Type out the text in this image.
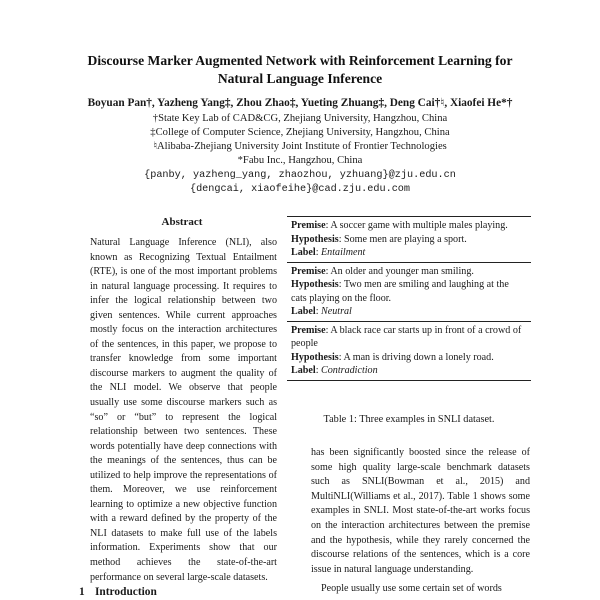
Discourse Marker Augmented Network with Reinforcement Learning for
Natural Language Inference
Boyuan Pan†, Yazheng Yang‡, Zhou Zhao‡, Yueting Zhuang‡, Deng Cai†♮, Xiaofei He*†
†State Key Lab of CAD&CG, Zhejiang University, Hangzhou, China
‡College of Computer Science, Zhejiang University, Hangzhou, China
♮Alibaba-Zhejiang University Joint Institute of Frontier Technologies
*Fabu Inc., Hangzhou, China
{panby, yazheng_yang, zhaozhou, yzhuang}@zju.edu.cn
{dengcai, xiaofeihe}@cad.zju.edu.com
Abstract

Natural Language Inference (NLI), also known as Recognizing Textual Entailment (RTE), is one of the most important problems in natural language processing. It requires to infer the logical relationship between two given sentences. While current approaches mostly focus on the interaction architectures of the sentences, in this paper, we propose to transfer knowledge from some important discourse markers to augment the quality of the NLI model. We observe that people usually use some discourse markers such as “so” or “but” to represent the logical relationship between two sentences. These words potentially have deep connections with the meanings of the sentences, thus can be utilized to help improve the representations of them. Moreover, we use reinforcement learning to optimize a new objective function with a reward defined by the property of the NLI datasets to make full use of the labels information. Experiments show that our method achieves the state-of-the-art performance on several large-scale datasets.

1 Introduction
Premise: A soccer game with multiple males playing.
Hypothesis: Some men are playing a sport.
Label: Entailment
Premise: An older and younger man smiling.
Hypothesis: Two men are smiling and laughing at the cats playing on the floor.
Label: Neutral
Premise: A black race car starts up in front of a crowd of people
Hypothesis: A man is driving down a lonely road.
Label: Contradiction
Table 1: Three examples in SNLI dataset.

has been significantly boosted since the release of some high quality large-scale benchmark datasets such as SNLI(Bowman et al., 2015) and MultiNLI(Williams et al., 2017). Table 1 shows some examples in SNLI. Most state-of-the-art works focus on the interaction architectures between the premise and the hypothesis, while they rarely concerned the discourse relations of the sentences, which is a core issue in natural language understanding.

People usually use some certain set of words
